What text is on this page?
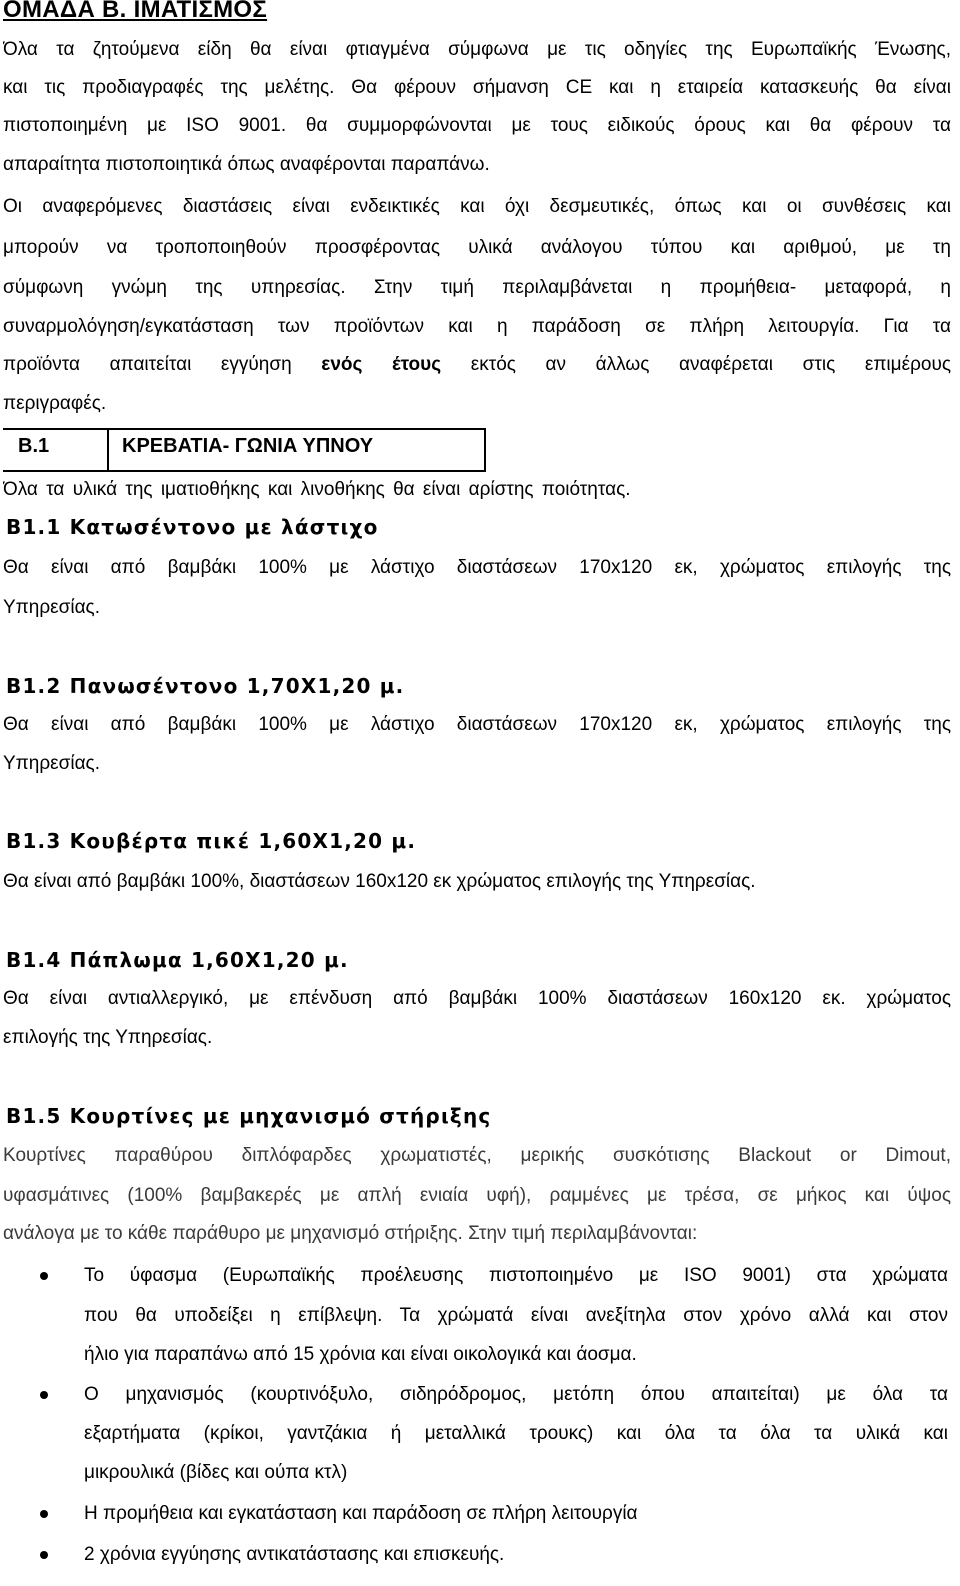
ΟΜΑΔΑ Β. ΙΜΑΤΙΣΜΟΣ
Όλα τα ζητούμενα είδη θα είναι φτιαγμένα σύμφωνα με τις οδηγίες της Ευρωπαϊκής Ένωσης,
και τις προδιαγραφές της μελέτης. Θα φέρουν σήμανση CE και η εταιρεία κατασκευής θα είναι
πιστοποιημένη με ISO 9001. θα συμμορφώνονται με τους ειδικούς όρους και θα φέρουν τα
απαραίτητα πιστοποιητικά όπως αναφέρονται παραπάνω.
Οι αναφερόμενες διαστάσεις είναι ενδεικτικές και όχι δεσμευτικές, όπως και οι συνθέσεις και
μπορούν να τροποποιηθούν προσφέροντας υλικά ανάλογου τύπου και αριθμού, με τη
σύμφωνη γνώμη της υπηρεσίας. Στην τιμή περιλαμβάνεται η προμήθεια- μεταφορά, η
συναρμολόγηση/εγκατάσταση των προϊόντων και η παράδοση σε πλήρη λειτουργία. Για τα
προϊόντα απαιτείται εγγύηση ενός έτους εκτός αν άλλως αναφέρεται στις επιμέρους
περιγραφές.
Β.1	ΚΡΕΒΑΤΙΑ- ΓΩΝΙΑ ΥΠΝΟΥ
Όλα τα υλικά της ιματιοθήκης και λινοθήκης θα είναι αρίστης ποιότητας.
Β1.1 Κατωσέντονο με λάστιχο
Θα είναι από βαμβάκι 100% με λάστιχο διαστάσεων 170x120 εκ, χρώματος επιλογής της
Υπηρεσίας.
Β1.2 Πανωσέντονο 1,70Χ1,20 μ.
Θα είναι από βαμβάκι 100% με λάστιχο διαστάσεων 170x120 εκ, χρώματος επιλογής της
Υπηρεσίας.
Β1.3 Κουβέρτα πικέ 1,60Χ1,20 μ.
Θα είναι από βαμβάκι 100%, διαστάσεων 160x120 εκ χρώματος επιλογής της Υπηρεσίας.
Β1.4 Πάπλωμα 1,60Χ1,20 μ.
Θα είναι αντιαλλεργικό, με επένδυση από βαμβάκι 100% διαστάσεων 160x120 εκ. χρώματος
επιλογής της Υπηρεσίας.
Β1.5 Κουρτίνες με μηχανισμό στήριξης
Κουρτίνες παραθύρου διπλόφαρδες χρωματιστές, μερικής συσκότισης Blackout or Dimout,
υφασμάτινες (100% βαμβακερές με απλή ενιαία υφή), ραμμένες με τρέσα, σε μήκος και ύψος
ανάλογα με το κάθε παράθυρο με μηχανισμό στήριξης. Στην τιμή περιλαμβάνονται:
Το ύφασμα (Ευρωπαϊκής προέλευσης πιστοποιημένο με ISO 9001) στα χρώματα
που θα υποδείξει η επίβλεψη. Τα χρώματά είναι ανεξίτηλα στον χρόνο αλλά και στον
ήλιο για παραπάνω από 15 χρόνια και είναι οικολογικά και άοσμα.
Ο μηχανισμός (κουρτινόξυλο, σιδηρόδρομος, μετόπη όπου απαιτείται) με όλα τα
εξαρτήματα (κρίκοι, γαντζάκια ή μεταλλικά τρουκς) και όλα τα όλα τα υλικά και
μικρουλικά (βίδες και ούπα κτλ)
Η προμήθεια και εγκατάσταση και παράδοση σε πλήρη λειτουργία
2 χρόνια εγγύησης αντικατάστασης και επισκευής.
